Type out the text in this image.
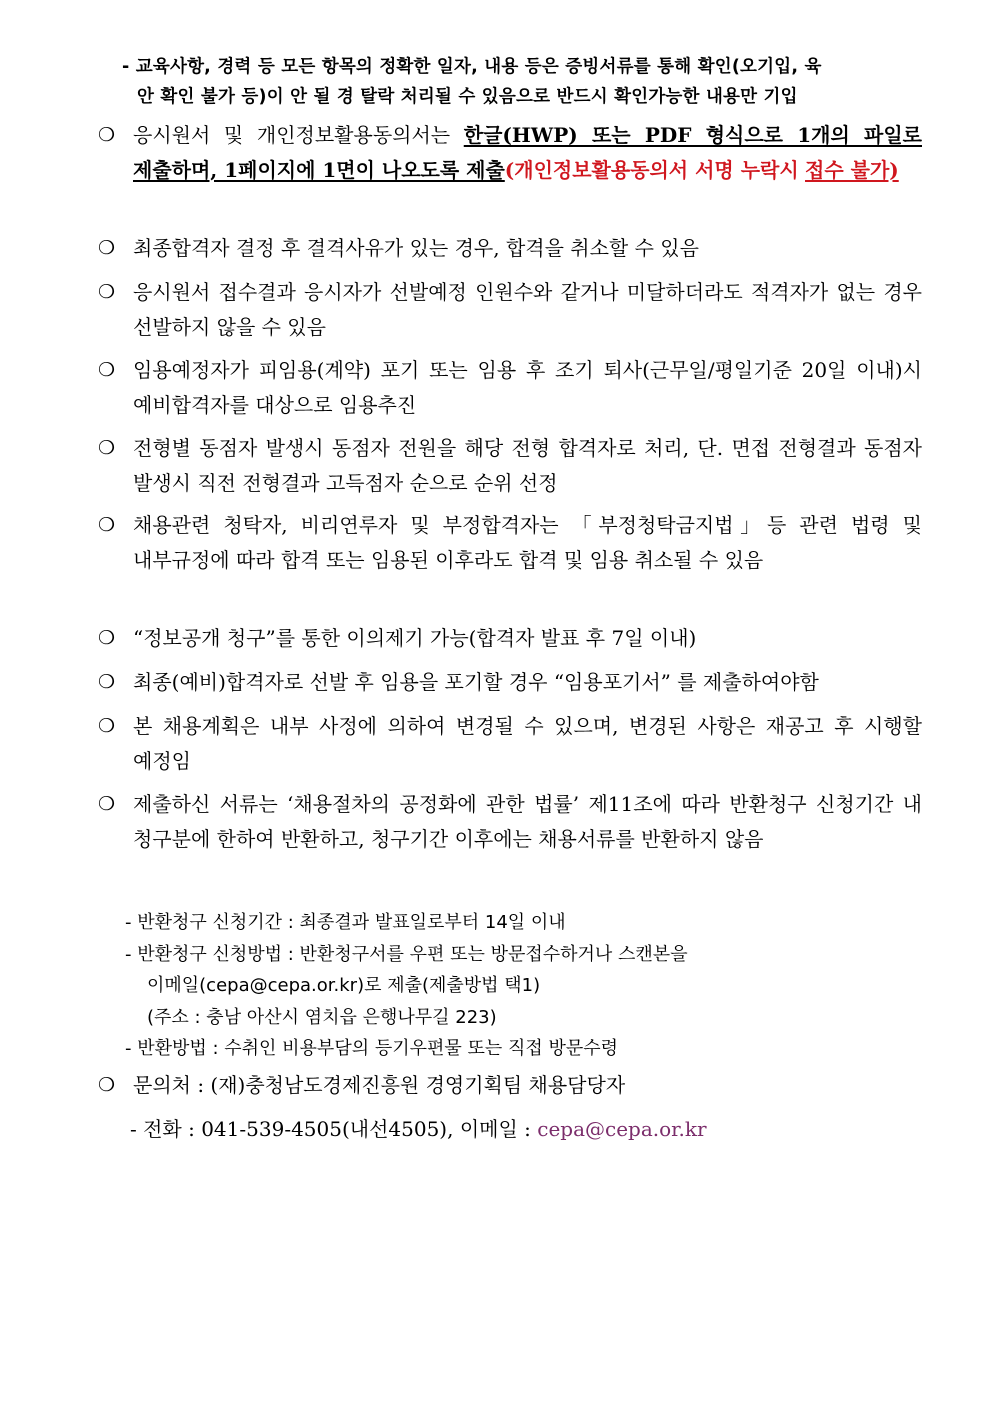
- 교육사항, 경력 등 모든 항목의 정확한 일자, 내용 등은 증빙서류를 통해 확인(오기입, 육
안 확인 불가 등)이 안 될 경 탈락 처리될 수 있음으로 반드시 확인가능한 내용만 기입
❍ 응시원서 및 개인정보활용동의서는 한글(HWP) 또는 PDF 형식으로 1개의 파일로 제출하며, 1페이지에 1면이 나오도록 제출(개인정보활용동의서 서명 누락시 접수 불가)
❍ 최종합격자 결정 후 결격사유가 있는 경우, 합격을 취소할 수 있음
❍ 응시원서 접수결과 응시자가 선발예정 인원수와 같거나 미달하더라도 적격자가 없는 경우 선발하지 않을 수 있음
❍ 임용예정자가 피임용(계약) 포기 또는 임용 후 조기 퇴사(근무일/평일기준 20일 이내)시 예비합격자를 대상으로 임용추진
❍ 전형별 동점자 발생시 동점자 전원을 해당 전형 합격자로 처리, 단. 면접 전형결과 동점자 발생시 직전 전형결과 고득점자 순으로 순위 선정
❍ 채용관련 청탁자, 비리연루자 및 부정합격자는 「부정청탁금지법」등 관련 법령 및 내부규정에 따라 합격 또는 임용된 이후라도 합격 및 임용 취소될 수 있음
❍ “정보공개 청구”를 통한 이의제기 가능(합격자 발표 후 7일 이내)
❍ 최종(예비)합격자로 선발 후 임용을 포기할 경우 “임용포기서” 를 제출하여야함
❍ 본 채용계획은 내부 사정에 의하여 변경될 수 있으며, 변경된 사항은 재공고 후 시행할 예정임
❍ 제출하신 서류는 ‘채용절차의 공정화에 관한 법률’ 제11조에 따라 반환청구 신청기간 내 청구분에 한하여 반환하고, 청구기간 이후에는 채용서류를 반환하지 않음
- 반환청구 신청기간 : 최종결과 발표일로부터 14일 이내
- 반환청구 신청방법 : 반환청구서를 우편 또는 방문접수하거나 스캔본을
이메일(cepa@cepa.or.kr)로 제출(제출방법 택1)
(주소 : 충남 아산시 염치읍 은행나무길 223)
- 반환방법 : 수취인 비용부담의 등기우편물 또는 직접 방문수령
❍ 문의처 : (재)충청남도경제진흥원 경영기획팀 채용담당자
- 전화 : 041-539-4505(내선4505), 이메일 : cepa@cepa.or.kr
